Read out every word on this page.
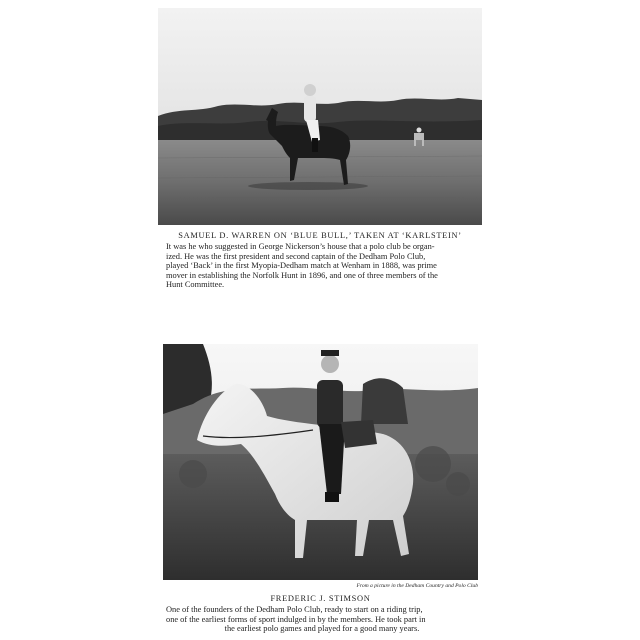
SAMUEL D. WARREN ON ‘BLUE BULL,’ TAKEN AT ‘KARLSTEIN’
It was he who suggested in George Nickerson’s house that a polo club be organ-
ized. He was the first president and second captain of the Dedham Polo Club,
played ‘Back’ in the first Myopia-Dedham match at Wenham in 1888, was prime
mover in establishing the Norfolk Hunt in 1896, and one of three members of the
Hunt Committee.
From a picture in the Dedham Country and Polo Club
FREDERIC J. STIMSON
One of the founders of the Dedham Polo Club, ready to start on a riding trip,
one of the earliest forms of sport indulged in by the members. He took part in
the earliest polo games and played for a good many years.
